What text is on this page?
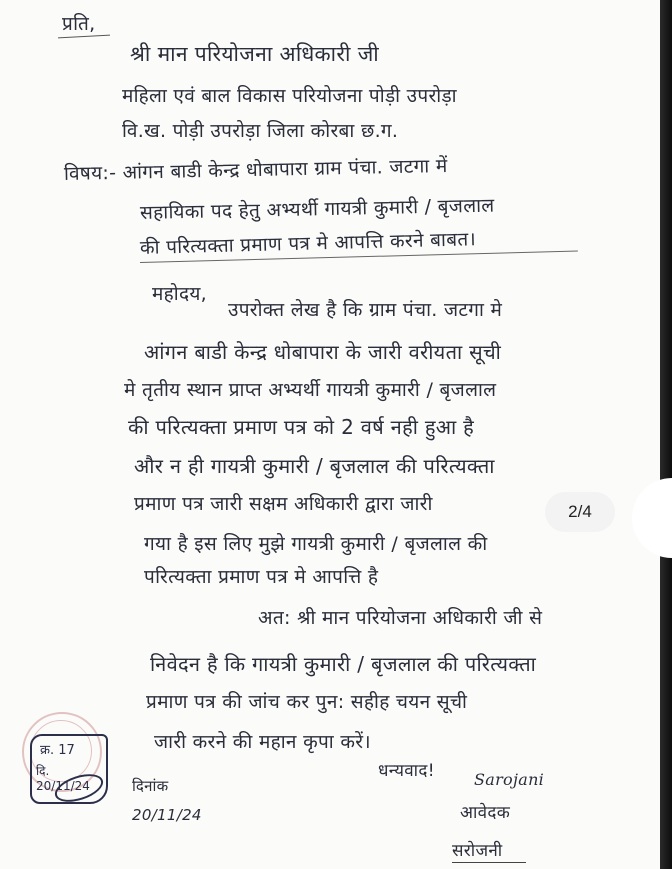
प्रति,
श्री मान परियोजना अधिकारी जी
महिला एवं बाल विकास परियोजना पोड़ी उपरोड़ा
वि.ख. पोड़ी उपरोड़ा जिला कोरबा छ.ग.
विषय:- आंगन बाडी केन्द्र धोबापारा ग्राम पंचा. जटगा में
सहायिका पद हेतु अभ्यर्थी गायत्री कुमारी / बृजलाल
की परित्यक्ता प्रमाण पत्र मे आपत्ति करने बाबत।
महोदय,
उपरोक्त लेख है कि ग्राम पंचा. जटगा मे
आंगन बाडी केन्द्र धोबापारा के जारी वरीयता सूची
मे तृतीय स्थान प्राप्त अभ्यर्थी गायत्री कुमारी / बृजलाल
की परित्यक्ता प्रमाण पत्र को 2 वर्ष नही हुआ है
और न ही गायत्री कुमारी / बृजलाल की परित्यक्ता
प्रमाण पत्र जारी सक्षम अधिकारी द्वारा जारी
गया है इस लिए मुझे गायत्री कुमारी / बृजलाल की
परित्यक्ता प्रमाण पत्र मे आपत्ति है
अत: श्री मान परियोजना अधिकारी जी से
निवेदन है कि गायत्री कुमारी / बृजलाल की परित्यक्ता
प्रमाण पत्र की जांच कर पुन: सहीह चयन सूची
जारी करने की महान कृपा करें।
धन्यवाद!
दिनांक
20/11/24
Sarojani
आवेदक
सरोजनी
क्र. 17
दि. 20/11/24
2/4
